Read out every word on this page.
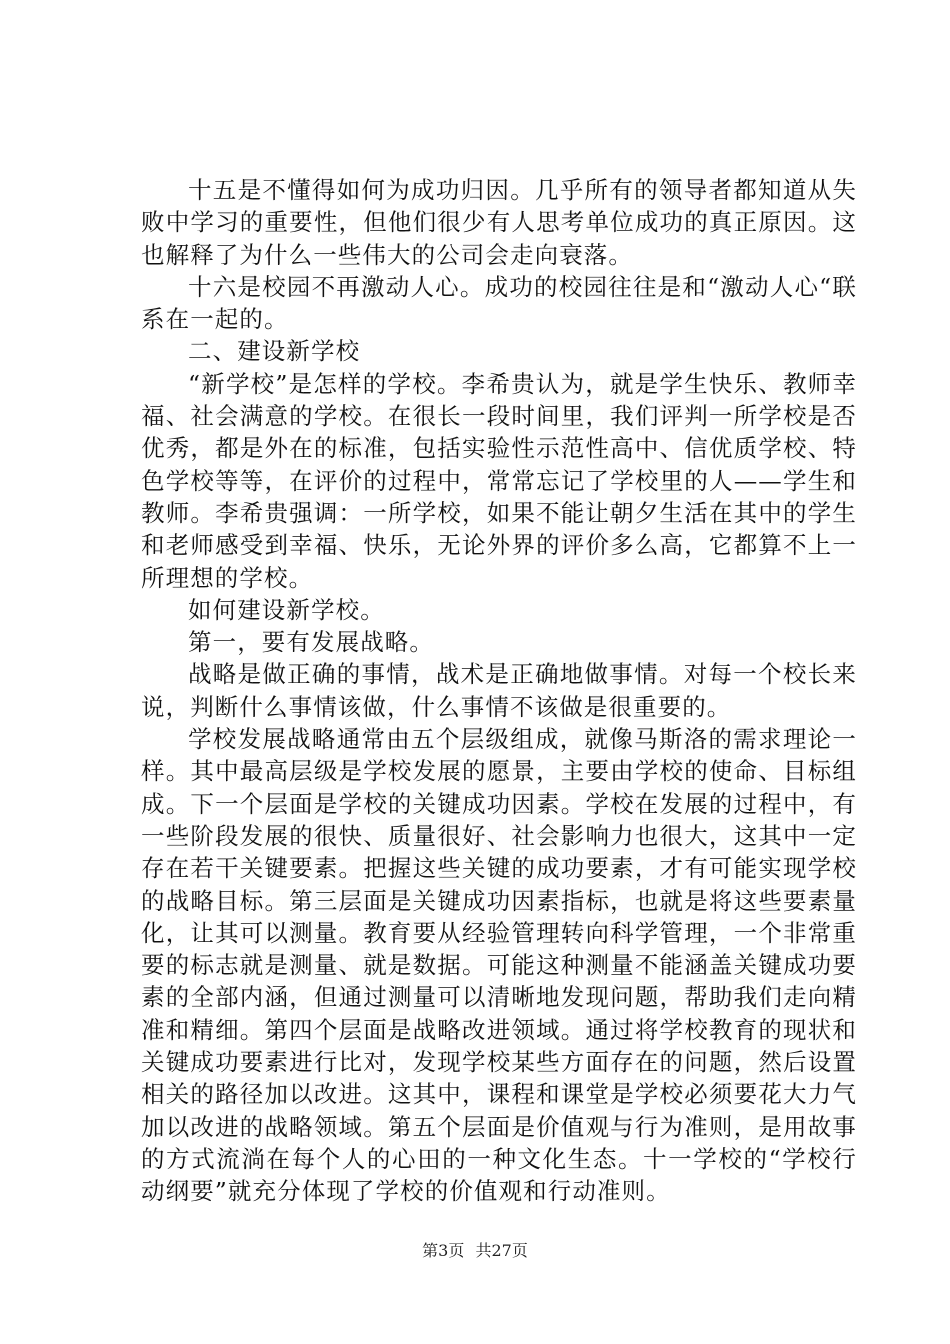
十五是不懂得如何为成功归因。几乎所有的领导者都知道从失败中学习的重要性，但他们很少有人思考单位成功的真正原因。这也解释了为什么一些伟大的公司会走向衰落。

十六是校园不再激动人心。成功的校园往往是和“激动人心“联系在一起的。

二、建设新学校

“新学校”是怎样的学校。李希贵认为，就是学生快乐、教师幸福、社会满意的学校。在很长一段时间里，我们评判一所学校是否优秀，都是外在的标准，包括实验性示范性高中、信优质学校、特色学校等等，在评价的过程中，常常忘记了学校里的人——学生和教师。李希贵强调：一所学校，如果不能让朝夕生活在其中的学生和老师感受到幸福、快乐，无论外界的评价多么高，它都算不上一所理想的学校。

如何建设新学校。

第一，要有发展战略。

战略是做正确的事情，战术是正确地做事情。对每一个校长来说，判断什么事情该做，什么事情不该做是很重要的。

学校发展战略通常由五个层级组成，就像马斯洛的需求理论一样。其中最高层级是学校发展的愿景，主要由学校的使命、目标组成。下一个层面是学校的关键成功因素。学校在发展的过程中，有一些阶段发展的很快、质量很好、社会影响力也很大，这其中一定存在若干关键要素。把握这些关键的成功要素，才有可能实现学校的战略目标。第三层面是关键成功因素指标，也就是将这些要素量化，让其可以测量。教育要从经验管理转向科学管理，一个非常重要的标志就是测量、就是数据。可能这种测量不能涵盖关键成功要素的全部内涵，但通过测量可以清晰地发现问题，帮助我们走向精准和精细。第四个层面是战略改进领域。通过将学校教育的现状和关键成功要素进行比对，发现学校某些方面存在的问题，然后设置相关的路径加以改进。这其中，课程和课堂是学校必须要花大力气加以改进的战略领域。第五个层面是价值观与行为准则，是用故事的方式流淌在每个人的心田的一种文化生态。十一学校的“学校行动纲要”就充分体现了学校的价值观和行动准则。

第3页 共27页
